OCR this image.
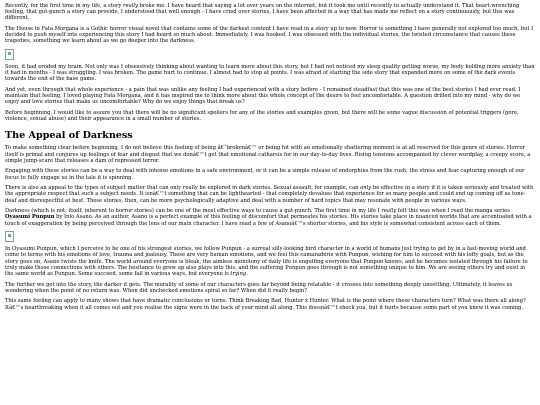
Recently, for the first time in my life, a story really broke me. I have heard that saying a lot over years on the internet, but it took me until recently to actually understand it. That heart-wrenching feeling, that gut-punch a story can provide, I understood that well enough - I have cried over stories, I have been affected in a way that has made me reflect on a story continuously, but this was different.

The House in Fata Morgana is a Gothic horror visual novel that contains some of the darkest content I have read in a story up to now. Horror is something I have generally not explored too much, but I decided to push myself into experiencing this story I had heard so much about. Immediately, I was hooked. I was obsessed with the individual stories, the twisted circumstance that causes these tragedies, something we learn about as we go deeper into the darkness.

Soon, it had eroded my brain. Not only was I obsessively thinking about wanting to learn more about this story, but I had not noticed my sleep quality getting worse, my body holding more anxiety than it had in months - I was struggling. I was broken. The game hurt to continue. I almost had to stop at points. I was afraid of starting the side story that expanded more on some of the dark events towards the end of the base game.

And yet, even through that whole experience - a pain that was unlike any feeling I had experienced with a story before - I remained steadfast that this was one of the best stories I had ever read. I maintain that feeling, I loved playing Fata Morgana, and it has inspired me to think more about this whole concept of the desire to feel uncomfortable. A question drilled into my mind - why do we enjoy and love stories that make us uncomfortable? Why do we enjoy things that break us?

Before beginning, I would like to assure you that there will be no significant spoilers for any of the stories and examples given, but there will be some vague discussion of potential triggers (gore, violence, sexual abuse) and their appearance in a small number of stories.

The Appeal of Darkness

To make something clear before beginning, I do not believe this feeling of being â€˜brokenâ€™ or being hit with an emotionally shattering moment is at all reserved for this genre of stories. Horror itself is primal and conjures up feelings of fear and disgust that we donâ€™t get that emotional catharsis for in our day-to-day lives. Rising tensions accompanied by clever wordplay, a creepy score, a simple jump-scare that releases a dam of repressed terror.

Engaging with these stories can be a way to deal with intense emotions in a safe environment, or it can be a simple release of endorphins from the rush, the stress and fear capturing enough of our focus to fully engage us in the tale it is spinning.

There is also an appeal to the types of subject matter that can only really be explored in dark stories. Sexual assault, for example, can only be effective in a story if it is taken seriously and treated with the appropriate respect that such a subject needs. It isnâ€™t something that can be lighthearted - that completely devalues that experience for so many people and could end up coming off as tone-deaf and disrespectful at best. These stories, then, can be more psychologically adaptive and deal with a number of hard topics that may resonate with people in various ways.

Darkness (which is not, itself, inherent to horror stories) can be one of the most effective ways to cause a gut-punch. The first time in my life I really felt this was when I read the manga series Oyasumi Punpun by Inio Asano. As an author, Asano is a perfect example of this feeling of discomfort that permeates his stories. His stories take place in nuanced worlds that are accentuated with a touch of exaggeration by being perceived through the lens of our main character. I have read a few of Asanoâ€™s shorter stories, and his style is somewhat consistent across each of them.

In Oyasumi Punpun, which I perceive to be one of his strongest stories, we follow Punpun - a surreal silly-looking bird character in a world of humans just trying to get by in a fast-moving world and come to terms with his emotions of love, trauma and jealousy. These are very human emotions, and we feel this camaraderie with Punpun, wishing for him to succeed with his lofty goals, but as the story goes on, Asano twists the knife. The world around everyone is bleak, the aimless monotony of daily life is engulfing everyone that Punpun knows, and he becomes isolated through his failure to truly make those connections with others. The hesitance to grow up also plays into this, and the suffering Punpun goes through is not something unique to him. We are seeing others try and exist in the same world as Punpun. Some succeed, some fail in various ways, but everyone is trying.

The further we get into the story, the darker it gets. The morality of some of our characters goes far beyond being relatable - it crosses into something deeply unsettling. Ultimately, it leaves us wondering when the point of no return was. When did unchecked emotions spiral so far? When did it really begin?

This same feeling can apply to many shows that have dramatic conclusions or turns. Think Breaking Bad, Hunter x Hunter. What is the point where these characters turn? What was there all along? Itâ€™s heartbreaking when it all comes out and you realise the signs were in the back of your mind all along. This doesnâ€™t shock you, but it hurts because some part of you knew it was coming.
